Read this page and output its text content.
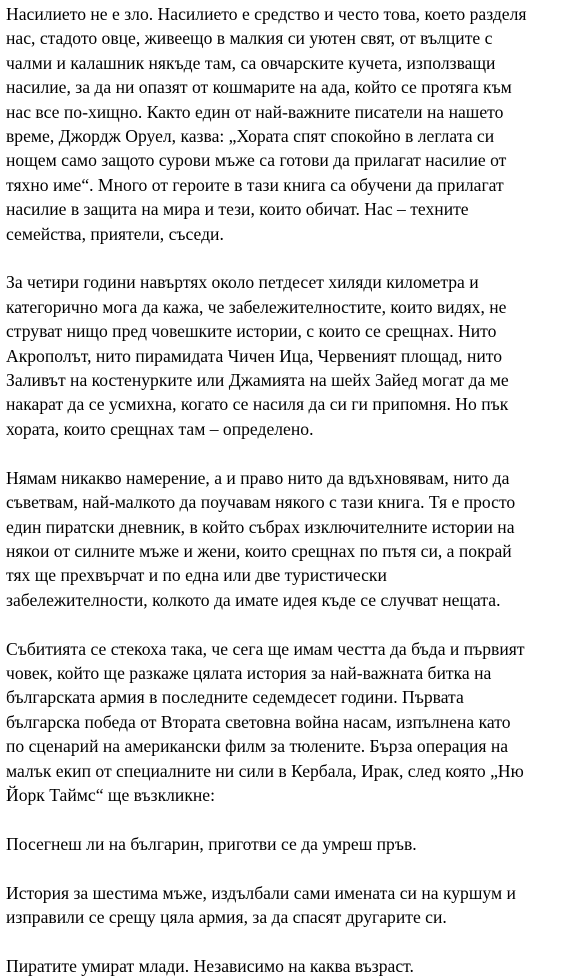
Насилието не е зло. Насилието е средство и често това, което разделя
нас, стадото овце, живеещо в малкия си уютен свят, от вълците с
чалми и калашник някъде там, са овчарските кучета, използващи
насилие, за да ни опазят от кошмарите на ада, който се протяга към
нас все по-хищно. Както един от най-важните писатели на нашето
време, Джордж Оруел, казва: „Хората спят спокойно в леглата си
нощем само защото сурови мъже са готови да прилагат насилие от
тяхно име“. Много от героите в тази книга са обучени да прилагат
насилие в защита на мира и тези, които обичат. Нас – техните
семейства, приятели, съседи.

За четири години навъртях около петдесет хиляди километра и
категорично мога да кажа, че забележителностите, които видях, не
струват нищо пред човешките истории, с които се срещнах. Нито
Акрополът, нито пирамидата Чичен Ица, Червеният площад, нито
Заливът на костенурките или Джамията на шейх Зайед могат да ме
накарат да се усмихна, когато се насиля да си ги припомня. Но пък
хората, които срещнах там – определено.

Нямам никакво намерение, а и право нито да вдъхновявам, нито да
съветвам, най-малкото да поучавам някого с тази книга. Тя е просто
един пиратски дневник, в който събрах изключителните истории на
някои от силните мъже и жени, които срещнах по пътя си, а покрай
тях ще прехвърчат и по една или две туристически
забележителности, колкото да имате идея къде се случват нещата.

Събитията се стекоха така, че сега ще имам честта да бъда и първият
човек, който ще разкаже цялата история за най-важната битка на
българската армия в последните седемдесет години. Първата
българска победа от Втората световна война насам, изпълнена като
по сценарий на американски филм за тюлените. Бърза операция на
малък екип от специалните ни сили в Кербала, Ирак, след която „Ню
Йорк Таймс“ ще възкликне:

Посегнеш ли на българин, приготви се да умреш пръв.

История за шестима мъже, издълбали сами имената си на куршум и
изправили се срещу цяла армия, за да спасят другарите си.

Пиратите умират млади. Независимо на каква възраст.
